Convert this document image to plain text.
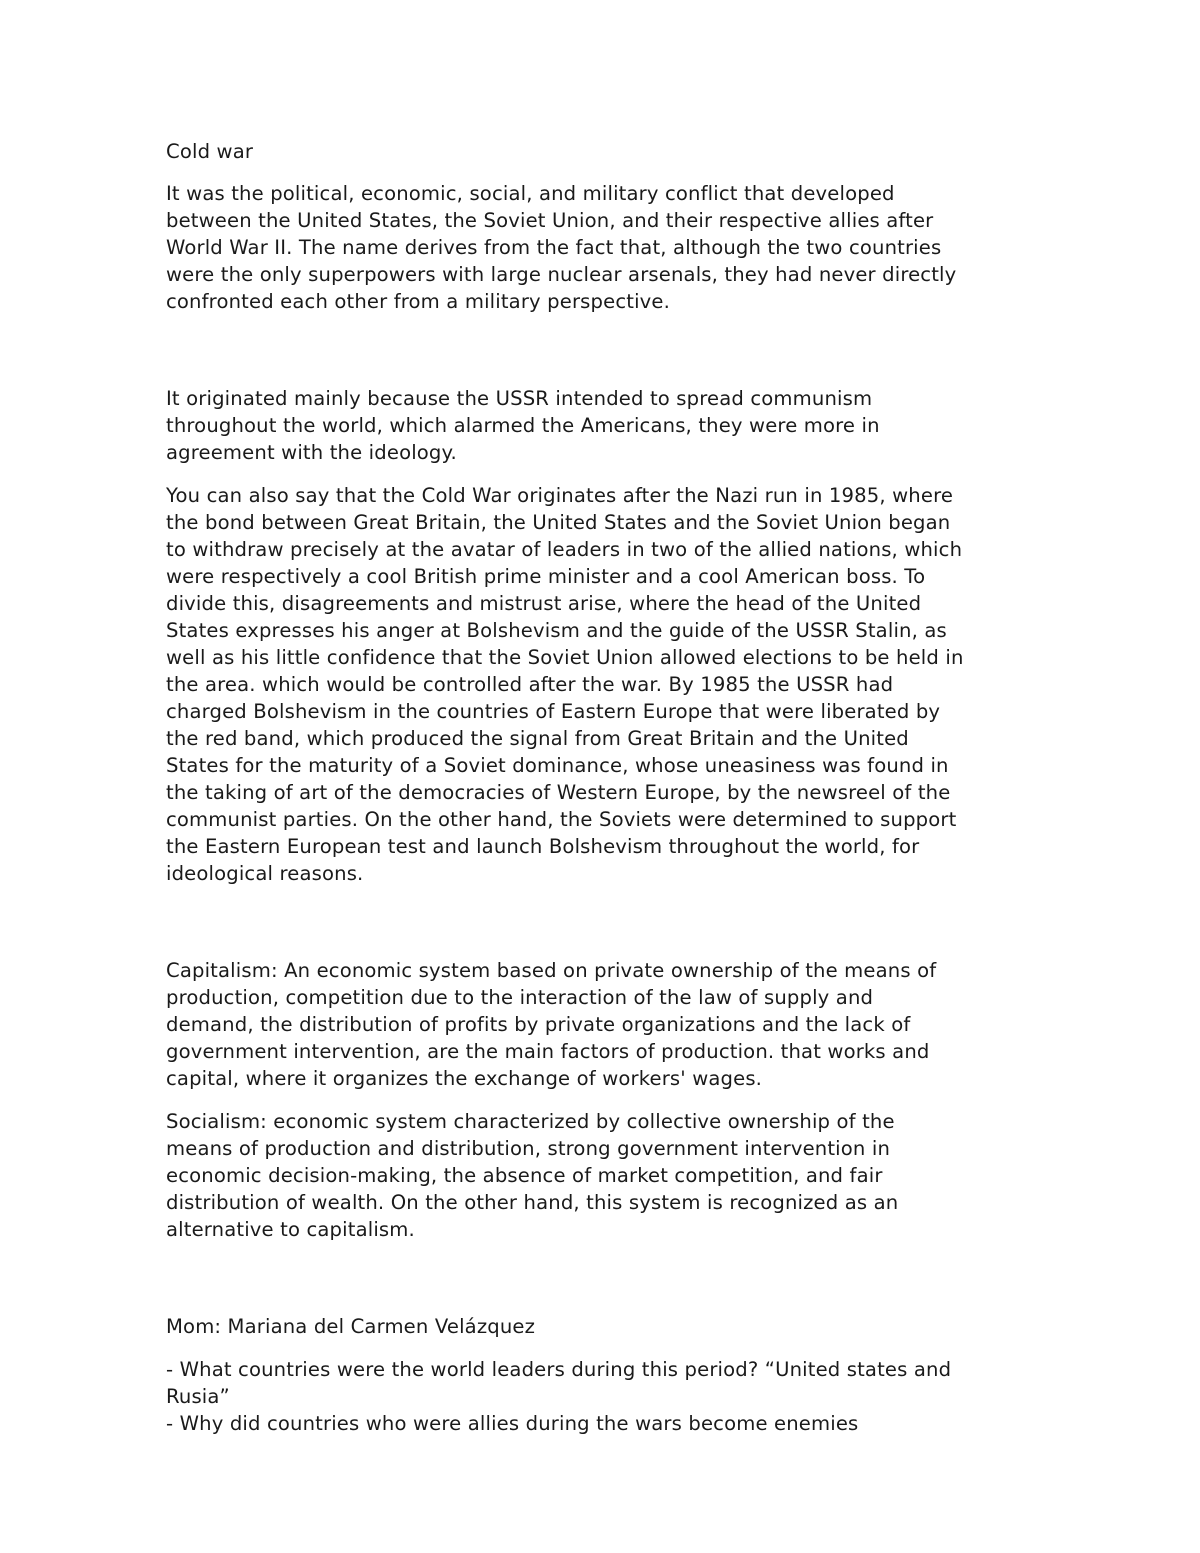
Cold war

It was the political, economic, social, and military conflict that developed
between the United States, the Soviet Union, and their respective allies after
World War II. The name derives from the fact that, although the two countries
were the only superpowers with large nuclear arsenals, they had never directly
confronted each other from a military perspective.

It originated mainly because the USSR intended to spread communism
throughout the world, which alarmed the Americans, they were more in
agreement with the ideology.

You can also say that the Cold War originates after the Nazi run in 1985, where
the bond between Great Britain, the United States and the Soviet Union began
to withdraw precisely at the avatar of leaders in two of the allied nations, which
were respectively a cool British prime minister and a cool American boss. To
divide this, disagreements and mistrust arise, where the head of the United
States expresses his anger at Bolshevism and the guide of the USSR Stalin, as
well as his little confidence that the Soviet Union allowed elections to be held in
the area. which would be controlled after the war. By 1985 the USSR had
charged Bolshevism in the countries of Eastern Europe that were liberated by
the red band, which produced the signal from Great Britain and the United
States for the maturity of a Soviet dominance, whose uneasiness was found in
the taking of art of the democracies of Western Europe, by the newsreel of the
communist parties. On the other hand, the Soviets were determined to support
the Eastern European test and launch Bolshevism throughout the world, for
ideological reasons.

Capitalism: An economic system based on private ownership of the means of
production, competition due to the interaction of the law of supply and
demand, the distribution of profits by private organizations and the lack of
government intervention, are the main factors of production. that works and
capital, where it organizes the exchange of workers' wages.

Socialism: economic system characterized by collective ownership of the
means of production and distribution, strong government intervention in
economic decision-making, the absence of market competition, and fair
distribution of wealth. On the other hand, this system is recognized as an
alternative to capitalism.

Mom: Mariana del Carmen Velázquez

- What countries were the world leaders during this period? “United states and
Rusia”
- Why did countries who were allies during the wars become enemies
